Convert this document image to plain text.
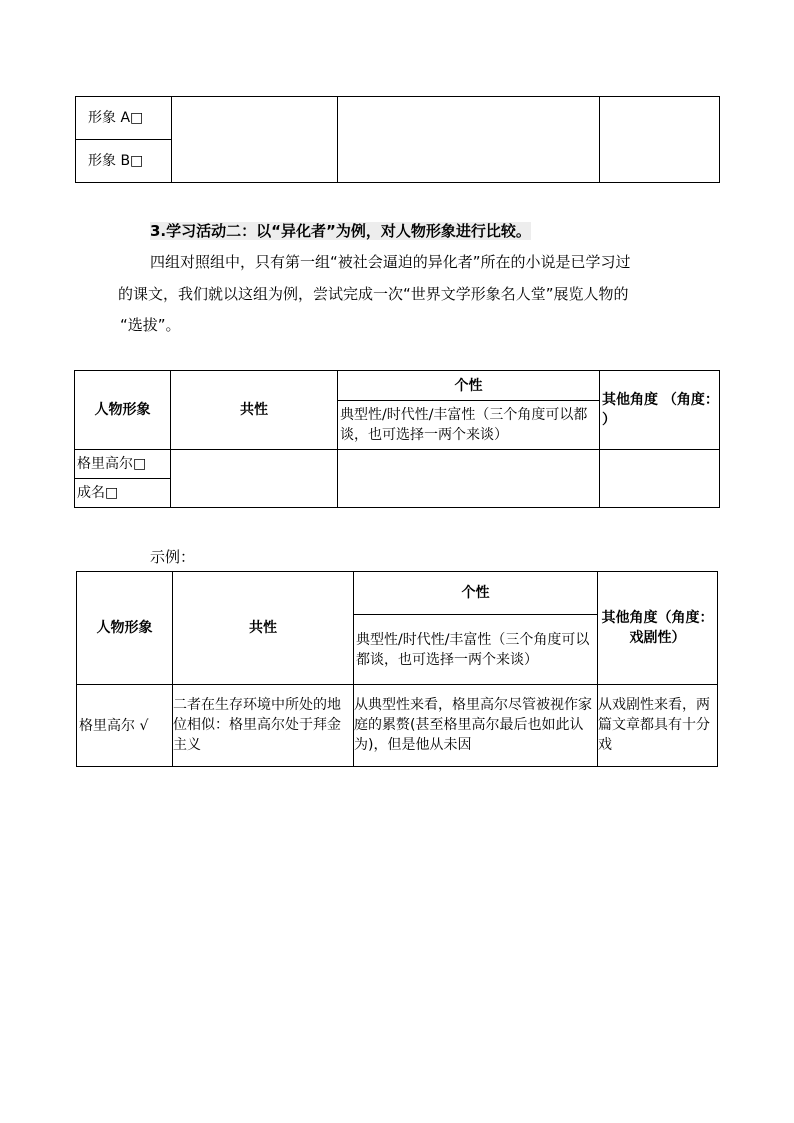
形象 A□			
形象 B□
3.学习活动二：以“异化者”为例，对人物形象进行比较。
四组对照组中，只有第一组“被社会逼迫的异化者”所在的小说是已学习过
的课文，我们就以这组为例，尝试完成一次“世界文学形象名人堂”展览人物的
“选拔”。
人物形象	共性	个性	其他角度 （角度： ）
		典型性/时代性/丰富性（三个角度可以都谈，也可选择一两个来谈）	
格里高尔□			
成名□			
示例：
人物形象	共性	个性	其他角度（角度：戏剧性）
		典型性/时代性/丰富性（三个角度可以都谈，也可选择一两个来谈）	
格里高尔 √	二者在生存环境中所处的地位相似：格里高尔处于拜金主义	从典型性来看，格里高尔尽管被视作家庭的累赘(甚至格里高尔最后也如此认为)，但是他从未因	从戏剧性来看，两篇文章都具有十分戏
